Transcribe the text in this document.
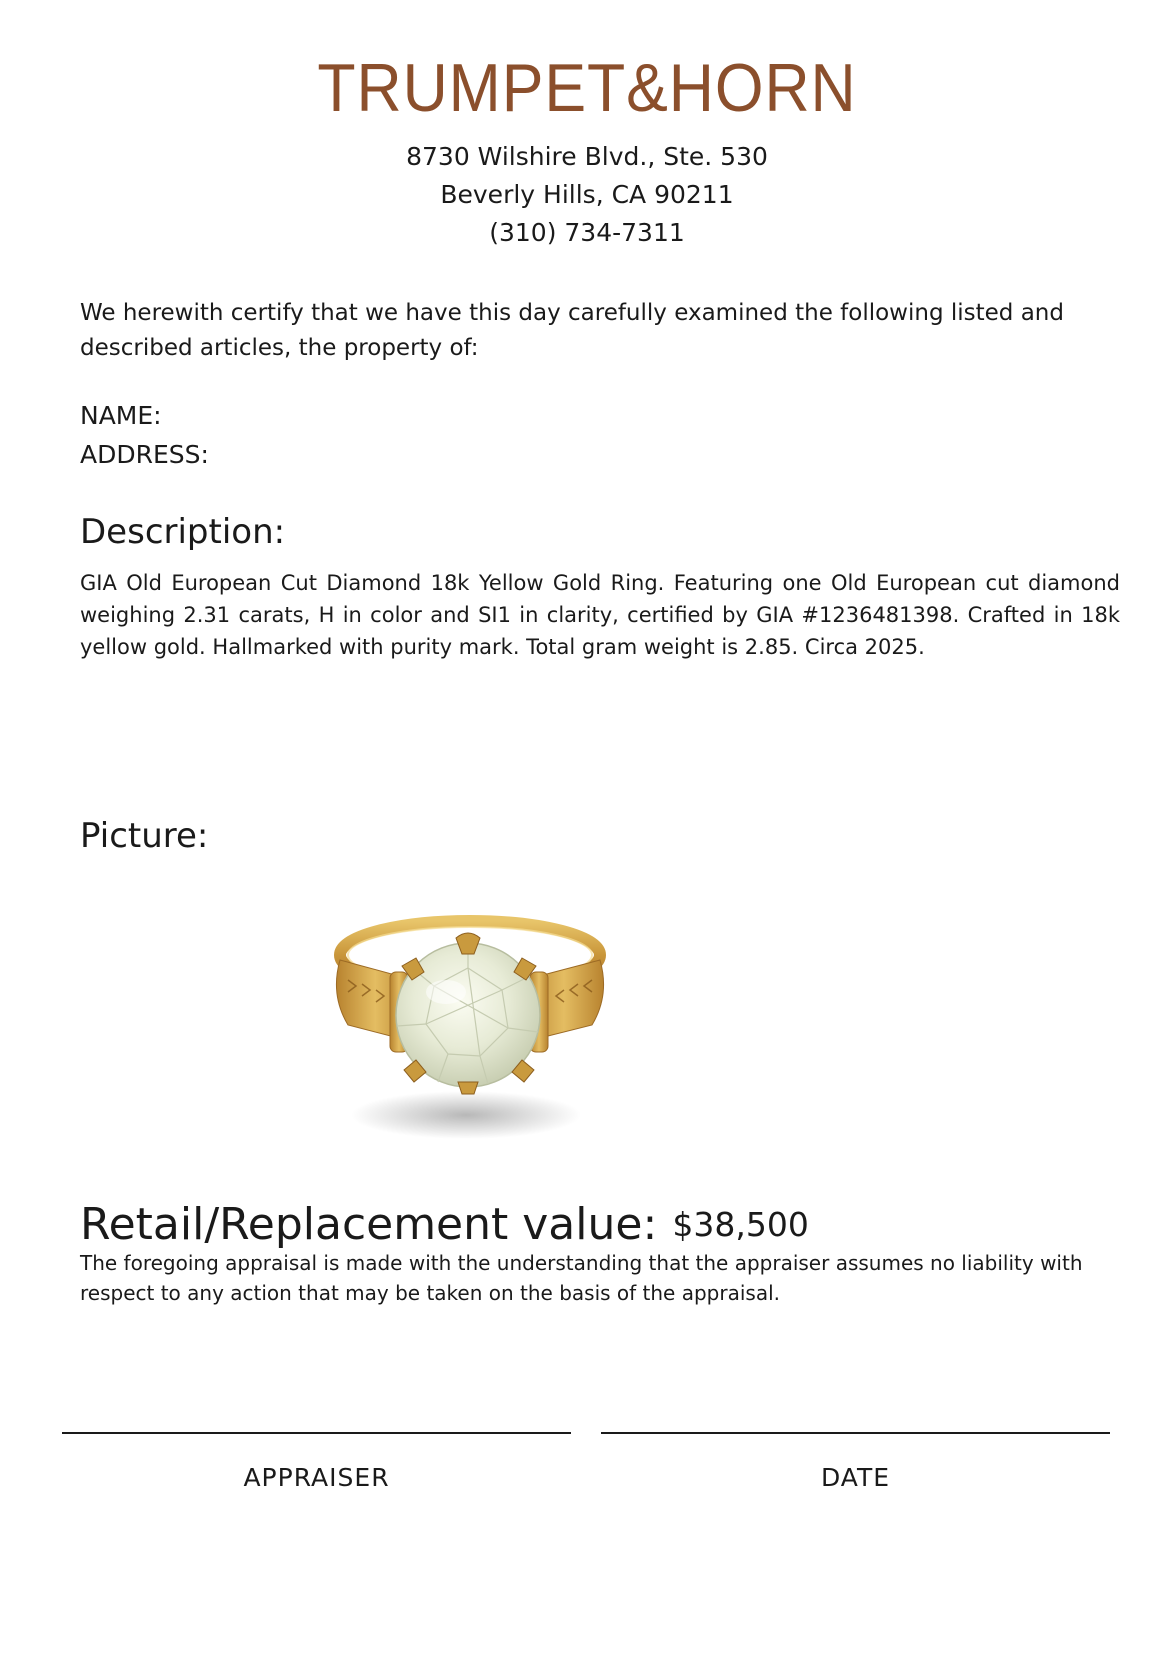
TRUMPET&HORN
8730 Wilshire Blvd., Ste. 530
Beverly Hills, CA 90211
(310) 734-7311
We herewith certify that we have this day carefully examined the following listed and described articles, the property of:
NAME:
ADDRESS:
Description:
GIA Old European Cut Diamond 18k Yellow Gold Ring. Featuring one Old European cut diamond weighing 2.31 carats, H in color and SI1 in clarity, certified by GIA #1236481398. Crafted in 18k yellow gold. Hallmarked with purity mark. Total gram weight is 2.85. Circa 2025.
Picture:
Retail/Replacement value: $38,500
The foregoing appraisal is made with the understanding that the appraiser assumes no liability with respect to any action that may be taken on the basis of the appraisal.
APPRAISER	DATE
